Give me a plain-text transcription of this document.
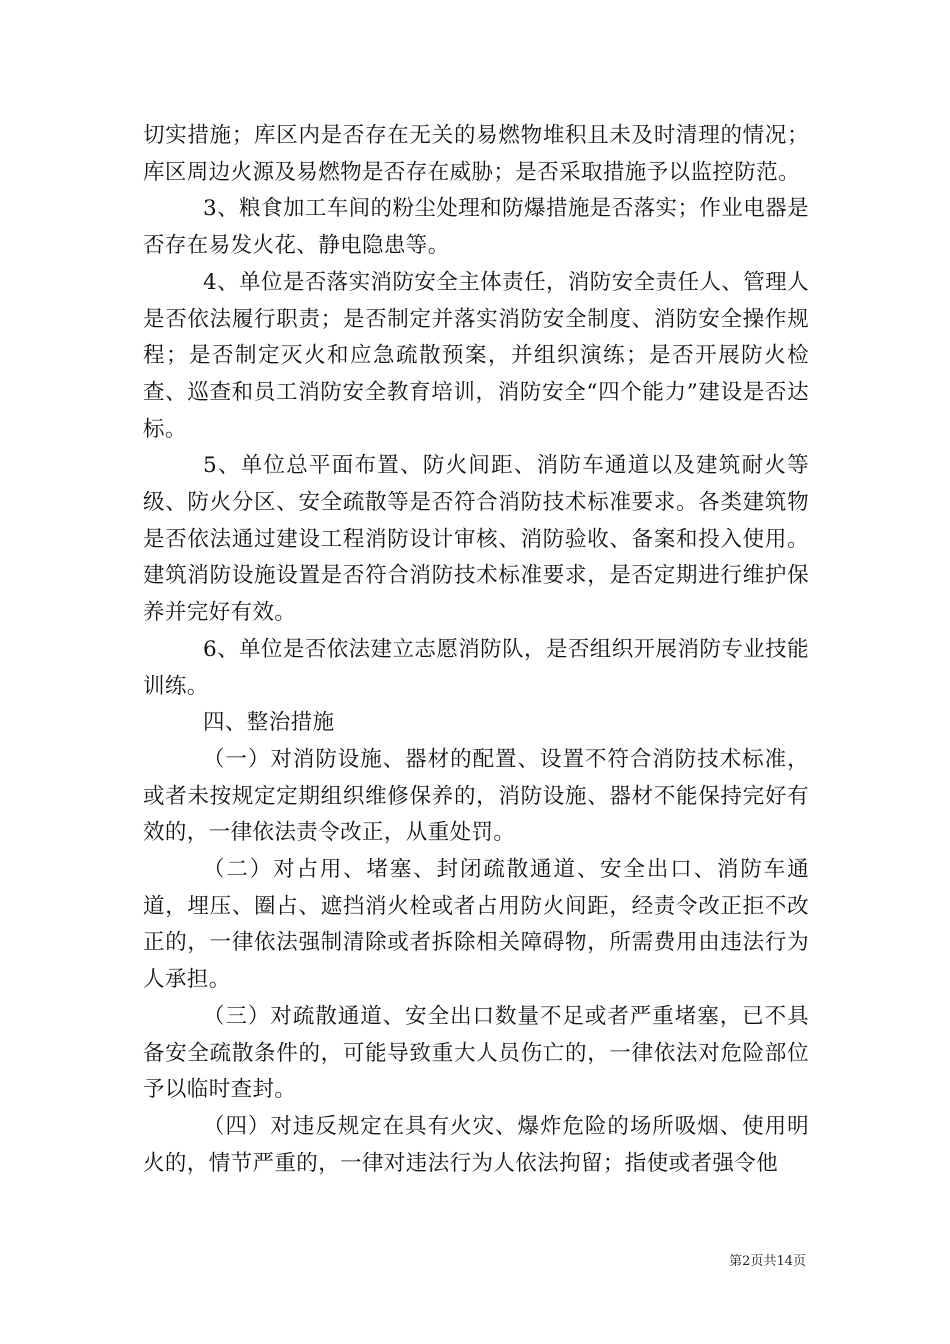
切实措施；库区内是否存在无关的易燃物堆积且未及时清理的情况；库区周边火源及易燃物是否存在威胁；是否采取措施予以监控防范。

3、粮食加工车间的粉尘处理和防爆措施是否落实；作业电器是否存在易发火花、静电隐患等。

4、单位是否落实消防安全主体责任，消防安全责任人、管理人是否依法履行职责；是否制定并落实消防安全制度、消防安全操作规程；是否制定灭火和应急疏散预案，并组织演练；是否开展防火检查、巡查和员工消防安全教育培训，消防安全“四个能力”建设是否达标。

5、单位总平面布置、防火间距、消防车通道以及建筑耐火等级、防火分区、安全疏散等是否符合消防技术标准要求。各类建筑物是否依法通过建设工程消防设计审核、消防验收、备案和投入使用。建筑消防设施设置是否符合消防技术标准要求，是否定期进行维护保养并完好有效。

6、单位是否依法建立志愿消防队，是否组织开展消防专业技能训练。

四、整治措施

（一）对消防设施、器材的配置、设置不符合消防技术标准，或者未按规定定期组织维修保养的，消防设施、器材不能保持完好有效的，一律依法责令改正，从重处罚。

（二）对占用、堵塞、封闭疏散通道、安全出口、消防车通道，埋压、圈占、遮挡消火栓或者占用防火间距，经责令改正拒不改正的，一律依法强制清除或者拆除相关障碍物，所需费用由违法行为人承担。

（三）对疏散通道、安全出口数量不足或者严重堵塞，已不具备安全疏散条件的，可能导致重大人员伤亡的，一律依法对危险部位予以临时查封。

（四）对违反规定在具有火灾、爆炸危险的场所吸烟、使用明火的，情节严重的，一律对违法行为人依法拘留；指使或者强令他

第2页共14页
